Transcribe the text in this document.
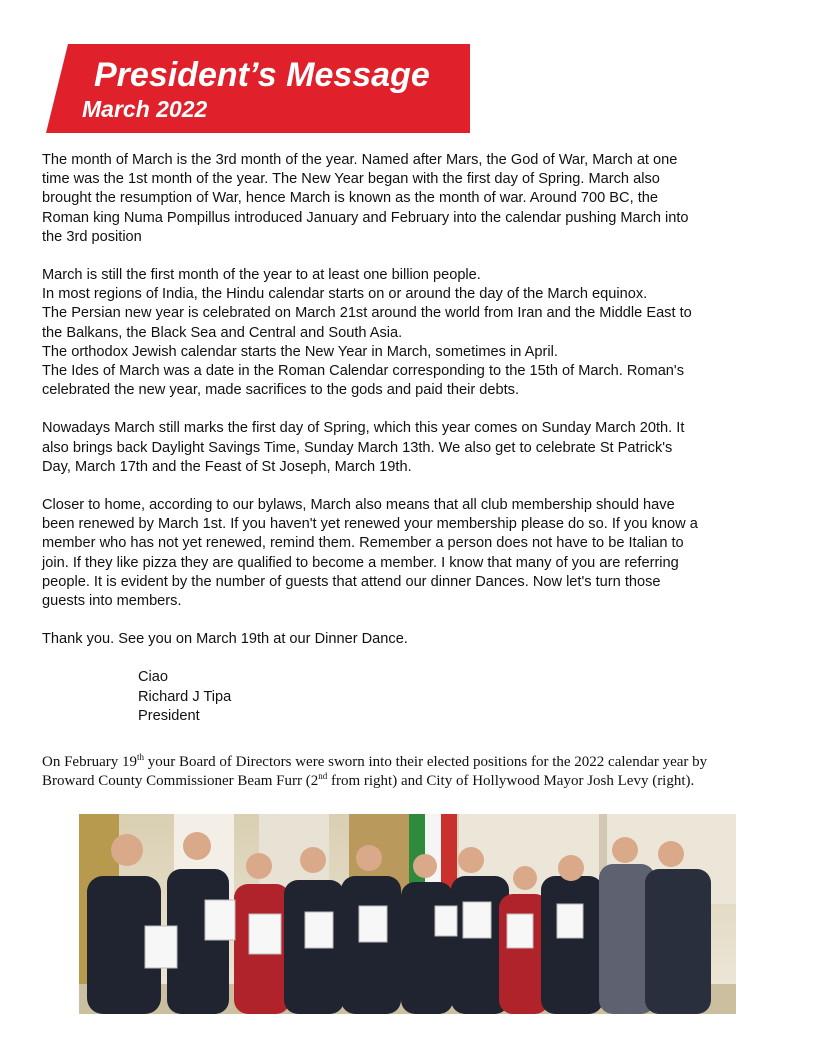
President’s Message
March 2022
The month of March is the 3rd month of the year. Named after Mars, the God of War, March at one
time was the 1st month of the year. The New Year began with the first day of Spring. March also
brought the resumption of War, hence March is known as the month of war. Around 700 BC, the
Roman king Numa Pompillus introduced January and February into the calendar pushing March into
the 3rd position
March is still the first month of the year to at least one billion people.
In most regions of India, the Hindu calendar starts on or around the day of the March equinox.
The Persian new year is celebrated on March 21st around the world from Iran and the Middle East to
the Balkans, the Black Sea and Central and South Asia.
The orthodox Jewish calendar starts the New Year in March, sometimes in April.
The Ides of March was a date in the Roman Calendar corresponding to the 15th of March. Roman's
celebrated the new year, made sacrifices to the gods and paid their debts.
Nowadays March still marks the first day of Spring, which this year comes on Sunday March 20th. It
also brings back Daylight Savings Time, Sunday March 13th. We also get to celebrate St Patrick's
Day, March 17th and the Feast of St Joseph, March 19th.
Closer to home, according to our bylaws, March also means that all club membership should have
been renewed by March 1st. If you haven't yet renewed your membership please do so. If you know a
member who has not yet renewed, remind them. Remember a person does not have to be Italian to
join. If they like pizza they are qualified to become a member. I know that many of you are referring
people. It is evident by the number of guests that attend our dinner Dances. Now let's turn those
guests into members.
Thank you. See you on March 19th at our Dinner Dance.
Ciao
Richard J Tipa
President
On February 19th your Board of Directors were sworn into their elected positions for the 2022 calendar year by
Broward County Commissioner Beam Furr (2nd from right) and City of Hollywood Mayor Josh Levy (right).
